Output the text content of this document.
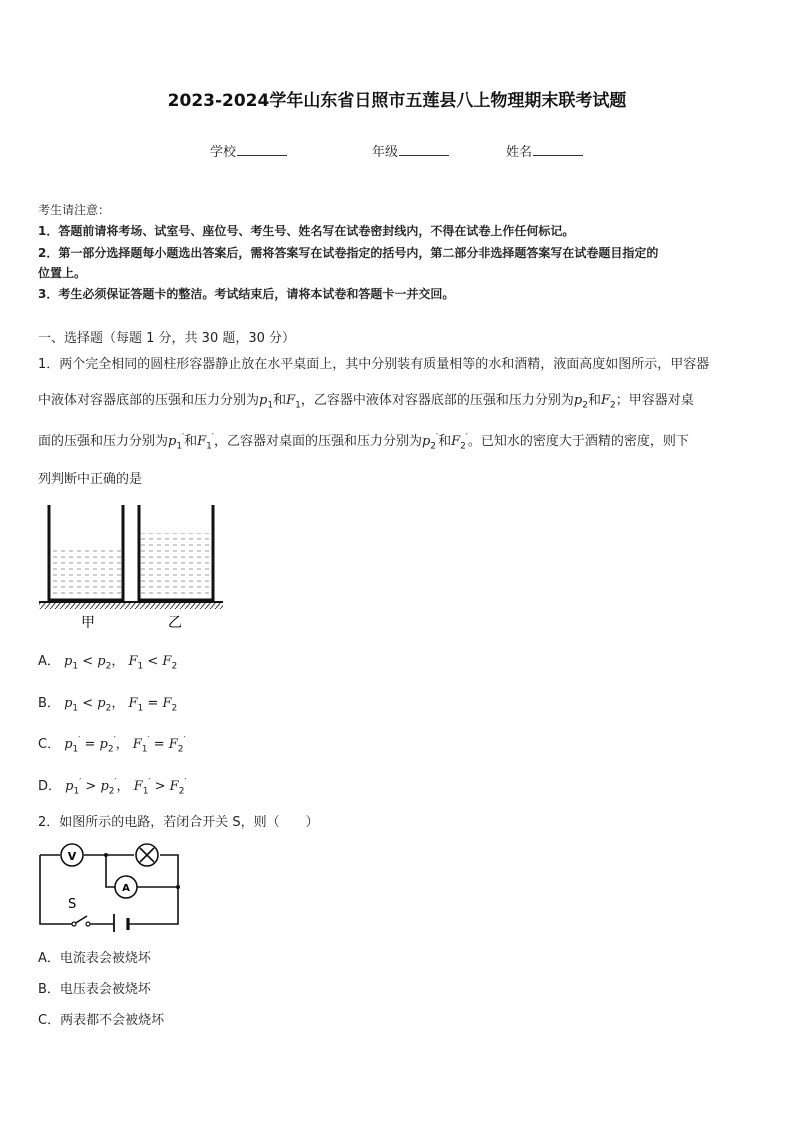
2023-2024学年山东省日照市五莲县八上物理期末联考试题
学校	年级	姓名
考生请注意：
1．答题前请将考场、试室号、座位号、考生号、姓名写在试卷密封线内，不得在试卷上作任何标记。
2．第一部分选择题每小题选出答案后，需将答案写在试卷指定的括号内，第二部分非选择题答案写在试卷题目指定的
位置上。
3．考生必须保证答题卡的整洁。考试结束后，请将本试卷和答题卡一并交回。
一、选择题（每题 1 分，共 30 题，30 分）
1．两个完全相同的圆柱形容器静止放在水平桌面上，其中分别装有质量相等的水和酒精，液面高度如图所示，甲容器
中液体对容器底部的压强和压力分别为$p_1$和$F_1$，乙容器中液体对容器底部的压强和压力分别为$p_2$和$F_2$；甲容器对桌
面的压强和压力分别为$p_1'$和$F_1'$，乙容器对桌面的压强和压力分别为$p_2'$和$F_2'$。已知水的密度大于酒精的密度，则下
列判断中正确的是
甲	乙
A． $p_1 < p_2$， $F_1 < F_2$
B． $p_1 < p_2$， $F_1 = F_2$
C． $p_1' = p_2'$， $F_1' = F_2'$
D． $p_1' > p_2'$， $F_1' > F_2'$
2．如图所示的电路，若闭合开关 S，则（　　）
V
A
S
A．电流表会被烧坏
B．电压表会被烧坏
C．两表都不会被烧坏
